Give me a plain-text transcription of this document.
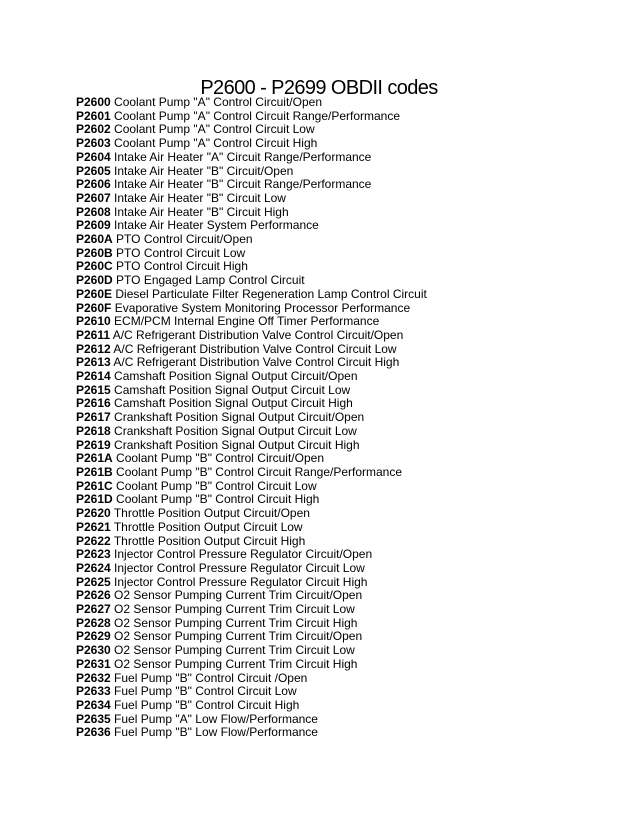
P2600 - P2699 OBDII codes
P2600 Coolant Pump "A" Control Circuit/Open
P2601 Coolant Pump "A" Control Circuit Range/Performance
P2602 Coolant Pump "A" Control Circuit Low
P2603 Coolant Pump "A" Control Circuit High
P2604 Intake Air Heater "A" Circuit Range/Performance
P2605 Intake Air Heater "B" Circuit/Open
P2606 Intake Air Heater "B" Circuit Range/Performance
P2607 Intake Air Heater "B" Circuit Low
P2608 Intake Air Heater "B" Circuit High
P2609 Intake Air Heater System Performance
P260A PTO Control Circuit/Open
P260B PTO Control Circuit Low
P260C PTO Control Circuit High
P260D PTO Engaged Lamp Control Circuit
P260E Diesel Particulate Filter Regeneration Lamp Control Circuit
P260F Evaporative System Monitoring Processor Performance
P2610 ECM/PCM Internal Engine Off Timer Performance
P2611 A/C Refrigerant Distribution Valve Control Circuit/Open
P2612 A/C Refrigerant Distribution Valve Control Circuit Low
P2613 A/C Refrigerant Distribution Valve Control Circuit High
P2614 Camshaft Position Signal Output Circuit/Open
P2615 Camshaft Position Signal Output Circuit Low
P2616 Camshaft Position Signal Output Circuit High
P2617 Crankshaft Position Signal Output Circuit/Open
P2618 Crankshaft Position Signal Output Circuit Low
P2619 Crankshaft Position Signal Output Circuit High
P261A Coolant Pump "B" Control Circuit/Open
P261B Coolant Pump "B" Control Circuit Range/Performance
P261C Coolant Pump "B" Control Circuit Low
P261D Coolant Pump "B" Control Circuit High
P2620 Throttle Position Output Circuit/Open
P2621 Throttle Position Output Circuit Low
P2622 Throttle Position Output Circuit High
P2623 Injector Control Pressure Regulator Circuit/Open
P2624 Injector Control Pressure Regulator Circuit Low
P2625 Injector Control Pressure Regulator Circuit High
P2626 O2 Sensor Pumping Current Trim Circuit/Open
P2627 O2 Sensor Pumping Current Trim Circuit Low
P2628 O2 Sensor Pumping Current Trim Circuit High
P2629 O2 Sensor Pumping Current Trim Circuit/Open
P2630 O2 Sensor Pumping Current Trim Circuit Low
P2631 O2 Sensor Pumping Current Trim Circuit High
P2632 Fuel Pump "B" Control Circuit /Open
P2633 Fuel Pump "B" Control Circuit Low
P2634 Fuel Pump "B" Control Circuit High
P2635 Fuel Pump "A" Low Flow/Performance
P2636 Fuel Pump "B" Low Flow/Performance
